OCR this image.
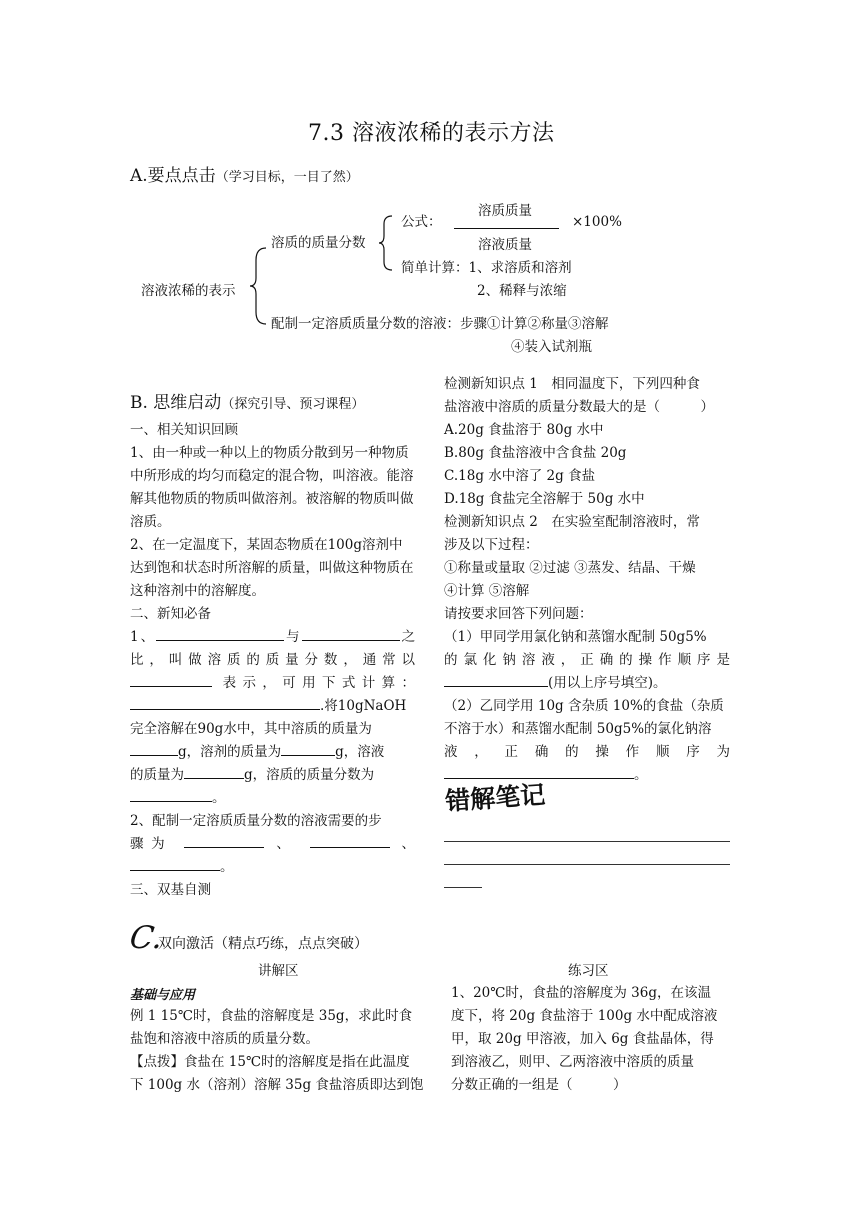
7.3 溶液浓稀的表示方法
A.要点点击（学习目标，一目了然）
溶液浓稀的表示
溶质的质量分数
公式：
溶质质量
溶液质量
×100%
简单计算：1、求溶质和溶剂
2、稀释与浓缩
配制一定溶质质量分数的溶液：步骤①计算②称量③溶解
④装入试剂瓶
B. 思维启动（探究引导、预习课程）

一、相关知识回顾

1、由一种或一种以上的物质分散到另一种物质中所形成的均匀而稳定的混合物，叫溶液。能溶解其他物质的物质叫做溶剂。被溶解的物质叫做溶质。

2、在一定温度下，某固态物质在100g溶剂中达到饱和状态时所溶解的质量，叫做这种物质在这种溶剂中的溶解度。

二、新知必备

1、	与	之

比，叫做溶质的质量分数，通常以

表示，可用下式计算：

.将10gNaOH

完全溶解在90g水中，其中溶质的质量为

g，溶剂的质量为	g，溶液

的质量为	g，溶质的质量分数为

。

2、配制一定溶质质量分数的溶液需要的步

骤为	、	、

。

三、双基自测

检测新知识点 1　相同温度下，下列四种食

盐溶液中溶质的质量分数最大的是（　　　）

A.20g 食盐溶于 80g 水中

B.80g 食盐溶液中含食盐 20g

C.18g 水中溶了 2g 食盐

D.18g 食盐完全溶解于 50g 水中

检测新知识点 2　在实验室配制溶液时，常

涉及以下过程：

①称量或量取 ②过滤 ③蒸发、结晶、干燥

④计算 ⑤溶解

请按要求回答下列问题：

（1）甲同学用氯化钠和蒸馏水配制 50g5%

的氯化钠溶液，正确的操作顺序是

(用以上序号填空)。

（2）乙同学用 10g 含杂质 10%的食盐（杂质

不溶于水）和蒸馏水配制 50g5%的氯化钠溶

液，正确的操作顺序为

。

错解笔记
C.
双向激活（精点巧练，点点突破）
讲解区	练习区
基础与应用

例 1 15℃时，食盐的溶解度是 35g，求此时食

盐饱和溶液中溶质的质量分数。

【点拨】食盐在 15℃时的溶解度是指在此温度

下 100g 水（溶剂）溶解 35g 食盐溶质即达到饱

1、20℃时，食盐的溶解度为 36g，在该温

度下，将 20g 食盐溶于 100g 水中配成溶液

甲，取 20g 甲溶液，加入 6g 食盐晶体，得

到溶液乙，则甲、乙两溶液中溶质的质量

分数正确的一组是（　　　）
